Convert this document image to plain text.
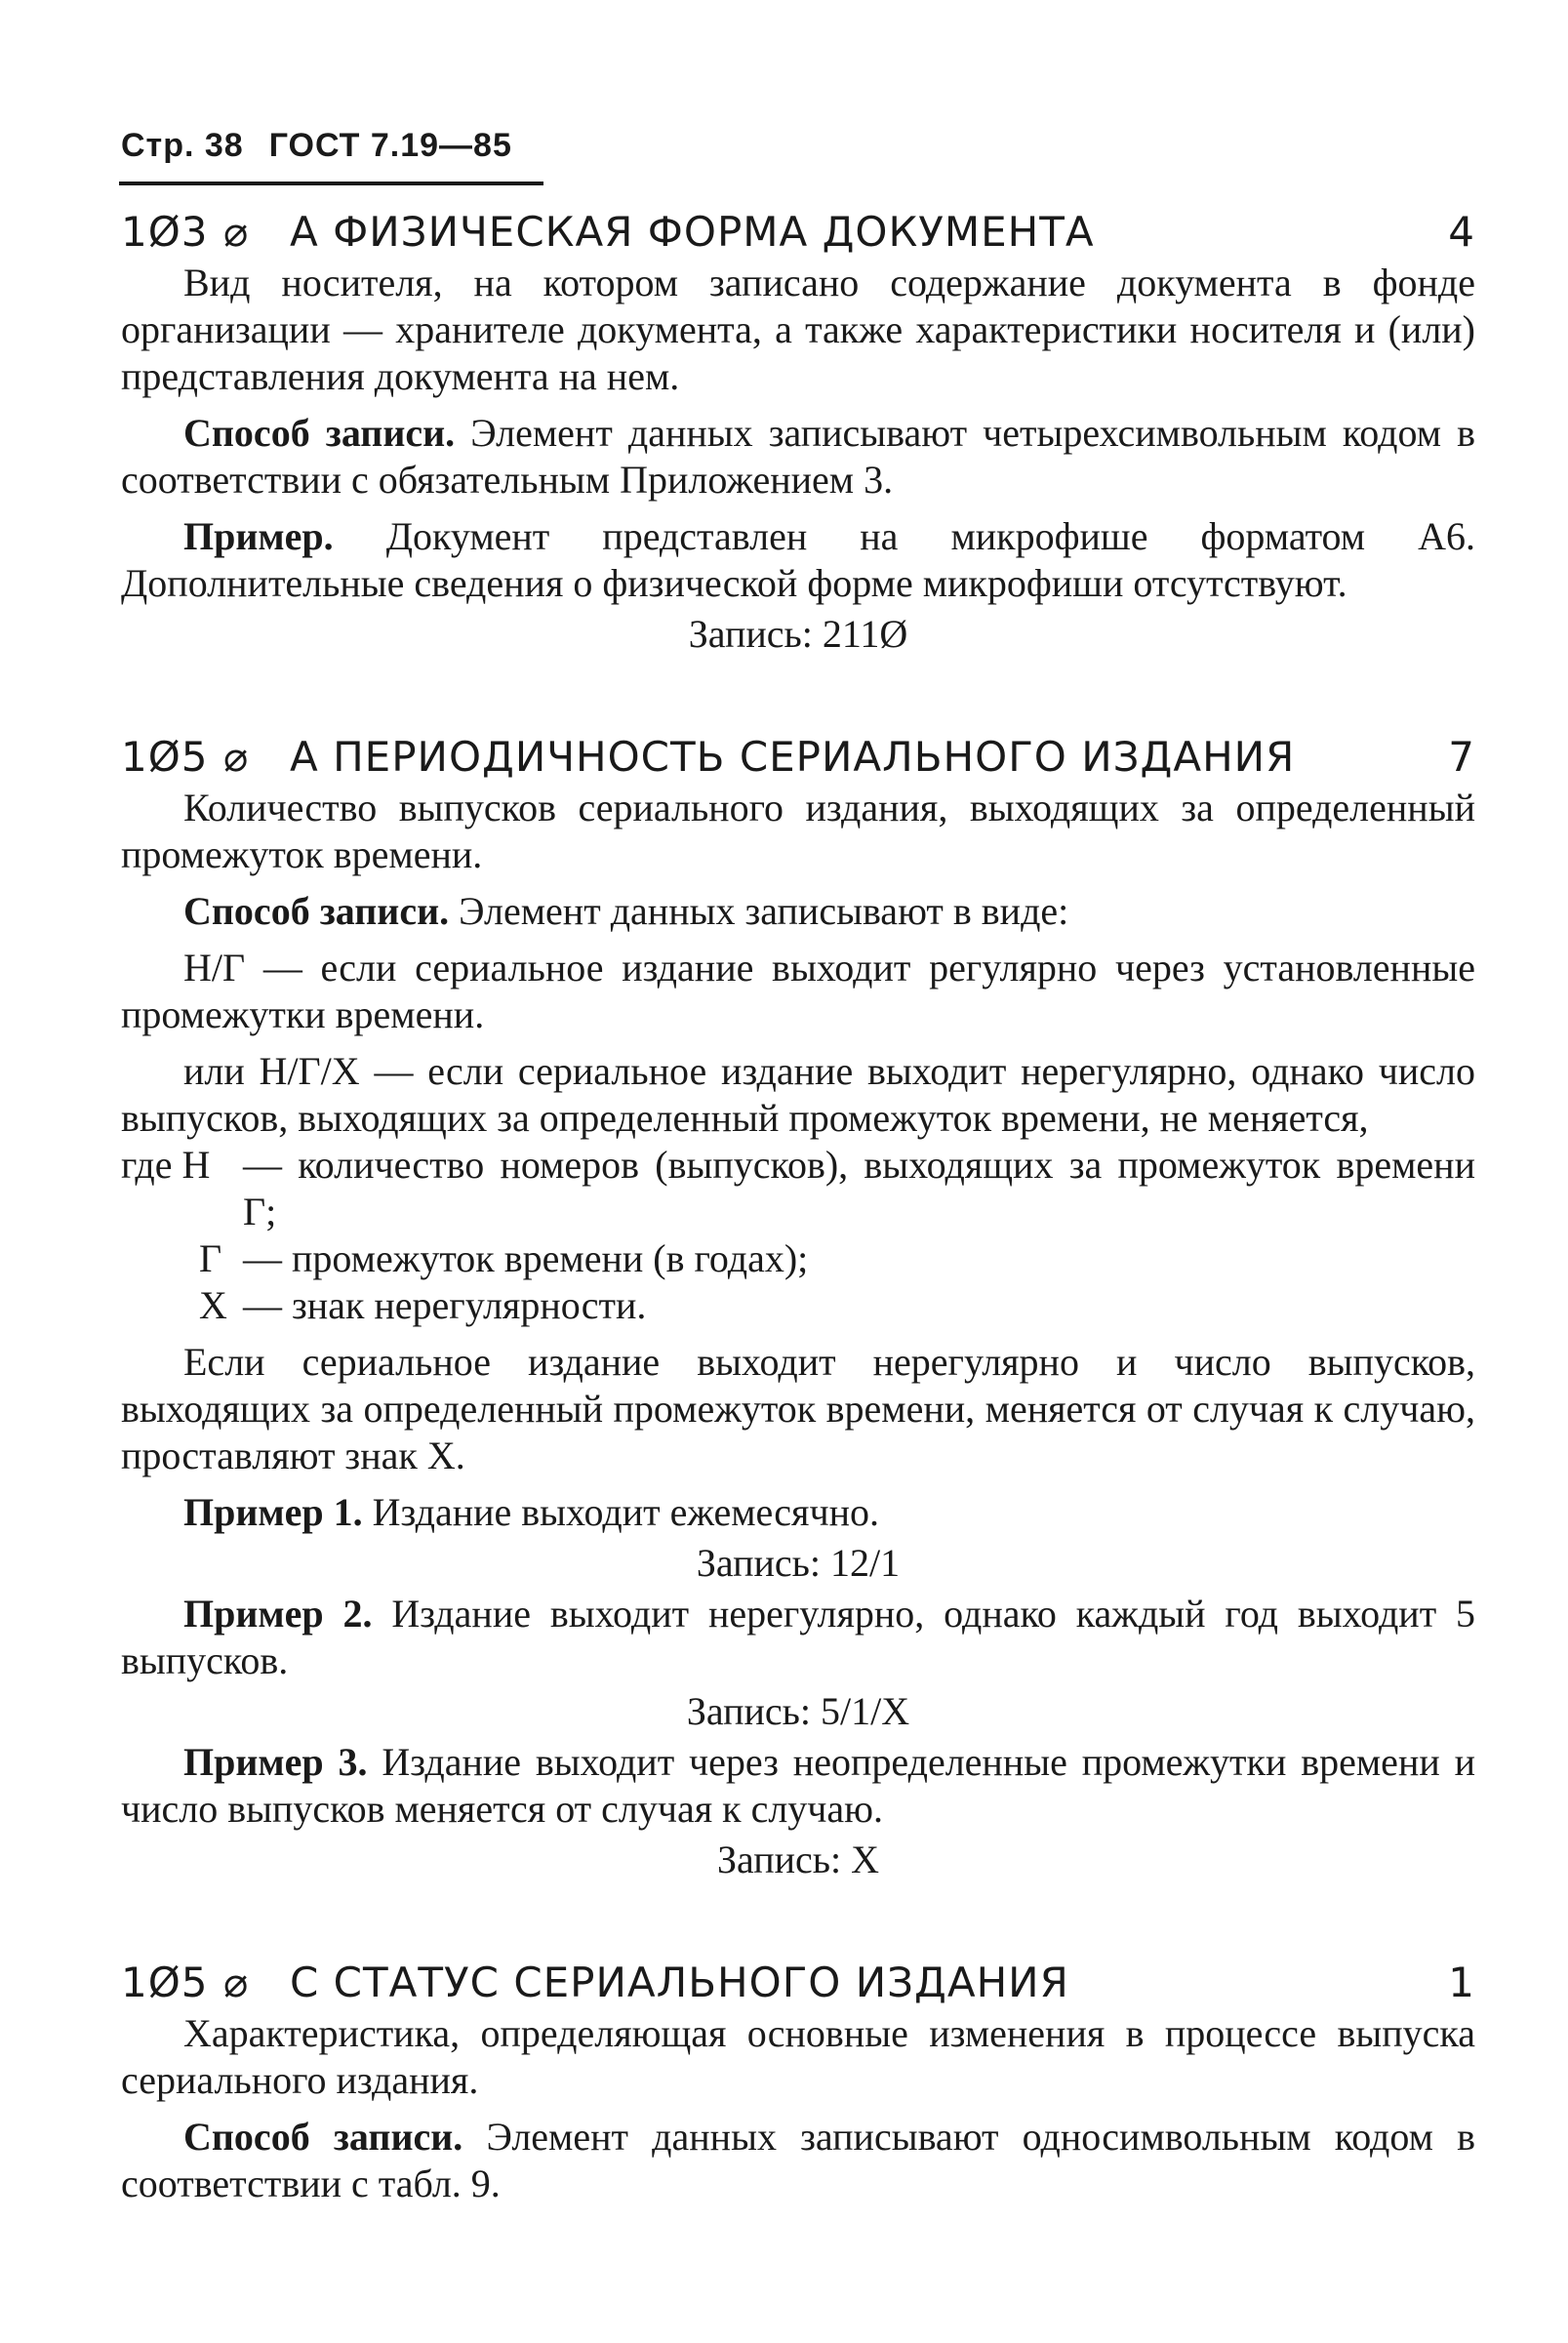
Стр. 38 ГОСТ 7.19—85
1Ø3 ⌀ А ФИЗИЧЕСКАЯ ФОРМА ДОКУМЕНТА	4

Вид носителя, на котором записано содержание документа в фонде организации — хранителе документа, а также характеристики носителя и (или) представления документа на нем.

Способ записи. Элемент данных записывают четырехсимвольным кодом в соответствии с обязательным Приложением 3.

Пример. Документ представлен на микрофише форматом А6. Дополнительные сведения о физической форме микрофиши отсутствуют.

Запись: 211Ø

1Ø5 ⌀ А ПЕРИОДИЧНОСТЬ СЕРИАЛЬНОГО ИЗДАНИЯ	7

Количество выпусков сериального издания, выходящих за определенный промежуток времени.

Способ записи. Элемент данных записывают в виде:

Н/Г — если сериальное издание выходит регулярно через установленные промежутки времени.

или Н/Г/Х — если сериальное издание выходит нерегулярно, однако число выпусков, выходящих за определенный промежуток времени, не меняется,

где Н — количество номеров (выпусков), выходящих за промежуток времени Г;
Г — промежуток времени (в годах);
Х — знак нерегулярности.

Если сериальное издание выходит нерегулярно и число выпусков, выходящих за определенный промежуток времени, меняется от случая к случаю, проставляют знак Х.

Пример 1. Издание выходит ежемесячно.

Запись: 12/1

Пример 2. Издание выходит нерегулярно, однако каждый год выходит 5 выпусков.

Запись: 5/1/Х

Пример 3. Издание выходит через неопределенные промежутки времени и число выпусков меняется от случая к случаю.

Запись: Х

1Ø5 ⌀ С СТАТУС СЕРИАЛЬНОГО ИЗДАНИЯ	1

Характеристика, определяющая основные изменения в процессе выпуска сериального издания.

Способ записи. Элемент данных записывают односимвольным кодом в соответствии с табл. 9.
